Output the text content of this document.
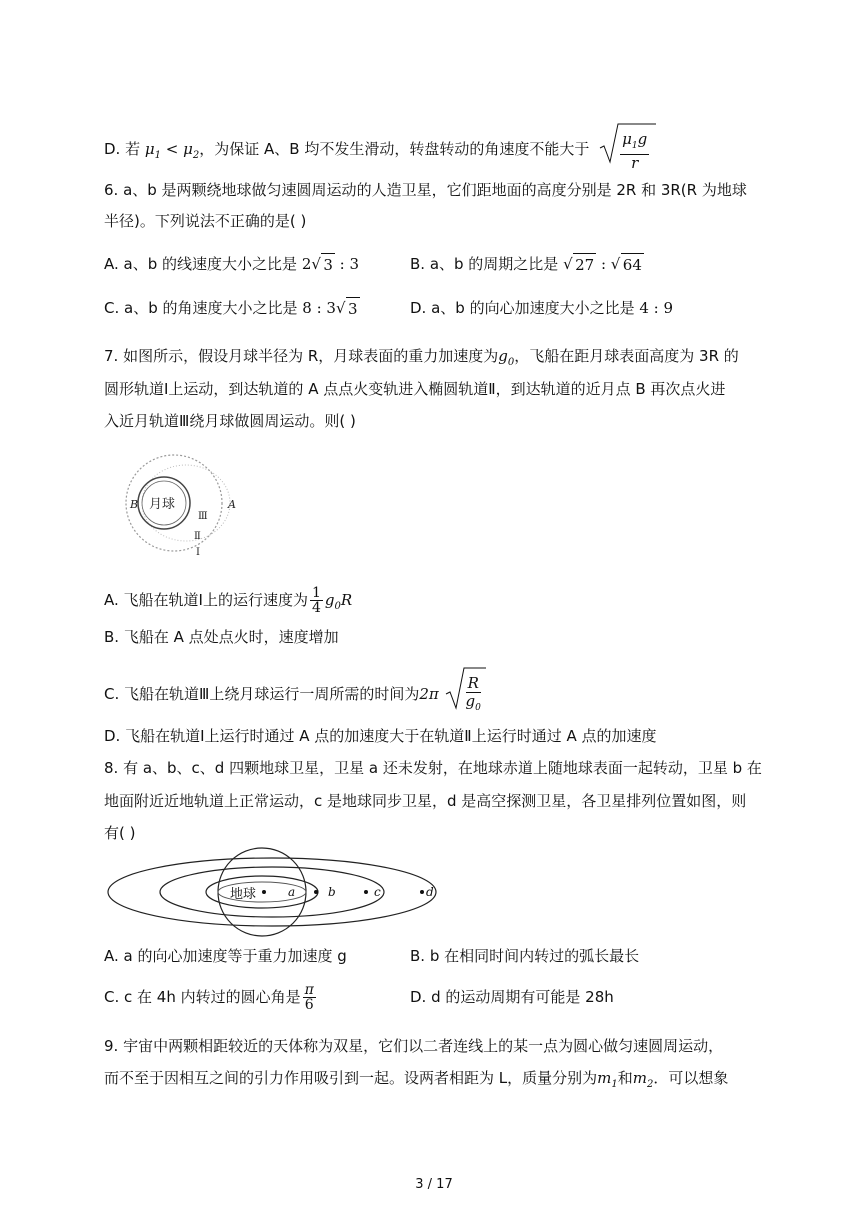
D. 若 $\mu_1 < \mu_2$，为保证 A、B 均不发生滑动，转盘转动的角速度不能大于 $\frac{\mu_1g}{r}$
6. a、b 是两颗绕地球做匀速圆周运动的人造卫星，它们距地面的高度分别是 2R 和 3R(R 为地球
半径)。下列说法不正确的是( )
A. a、b 的线速度大小之比是 2 √ 3 : 3	B. a、b 的周期之比是 √ 27 : √ 64
C. a、b 的角速度大小之比是 8 : 3 √ 3	D. a、b 的向心加速度大小之比是 4 : 9
7. 如图所示，假设月球半径为 R，月球表面的重力加速度为$g_0$，飞船在距月球表面高度为 3R 的
圆形轨道Ⅰ上运动，到达轨道的 A 点点火变轨进入椭圆轨道Ⅱ，到达轨道的近月点 B 再次点火进
入近月轨道Ⅲ绕月球做圆周运动。则( )
月球
B	A
Ⅲ
Ⅱ
Ⅰ
A. 飞船在轨道Ⅰ上的运行速度为 $\frac{1}{4} g_0R$
B. 飞船在 A 点处点火时，速度增加
C. 飞船在轨道Ⅲ上绕月球运行一周所需的时间为$2\pi \frac{R}{g_0}$
D. 飞船在轨道Ⅰ上运行时通过 A 点的加速度大于在轨道Ⅱ上运行时通过 A 点的加速度
8. 有 a、b、c、d 四颗地球卫星，卫星 a 还未发射，在地球赤道上随地球表面一起转动，卫星 b 在
地面附近近地轨道上正常运动，c 是地球同步卫星，d 是高空探测卫星，各卫星排列位置如图，则
有( )
地球	a	b	c	d
A. a 的向心加速度等于重力加速度 g	B. b 在相同时间内转过的弧长最长
C. c 在 4h 内转过的圆心角是 $\frac{\pi}{6}$	D. d 的运动周期有可能是 28h
9. 宇宙中两颗相距较近的天体称为双星，它们以二者连线上的某一点为圆心做匀速圆周运动，
而不至于因相互之间的引力作用吸引到一起。设两者相距为 L，质量分别为$m_1$和$m_2$．可以想象
3 / 17
